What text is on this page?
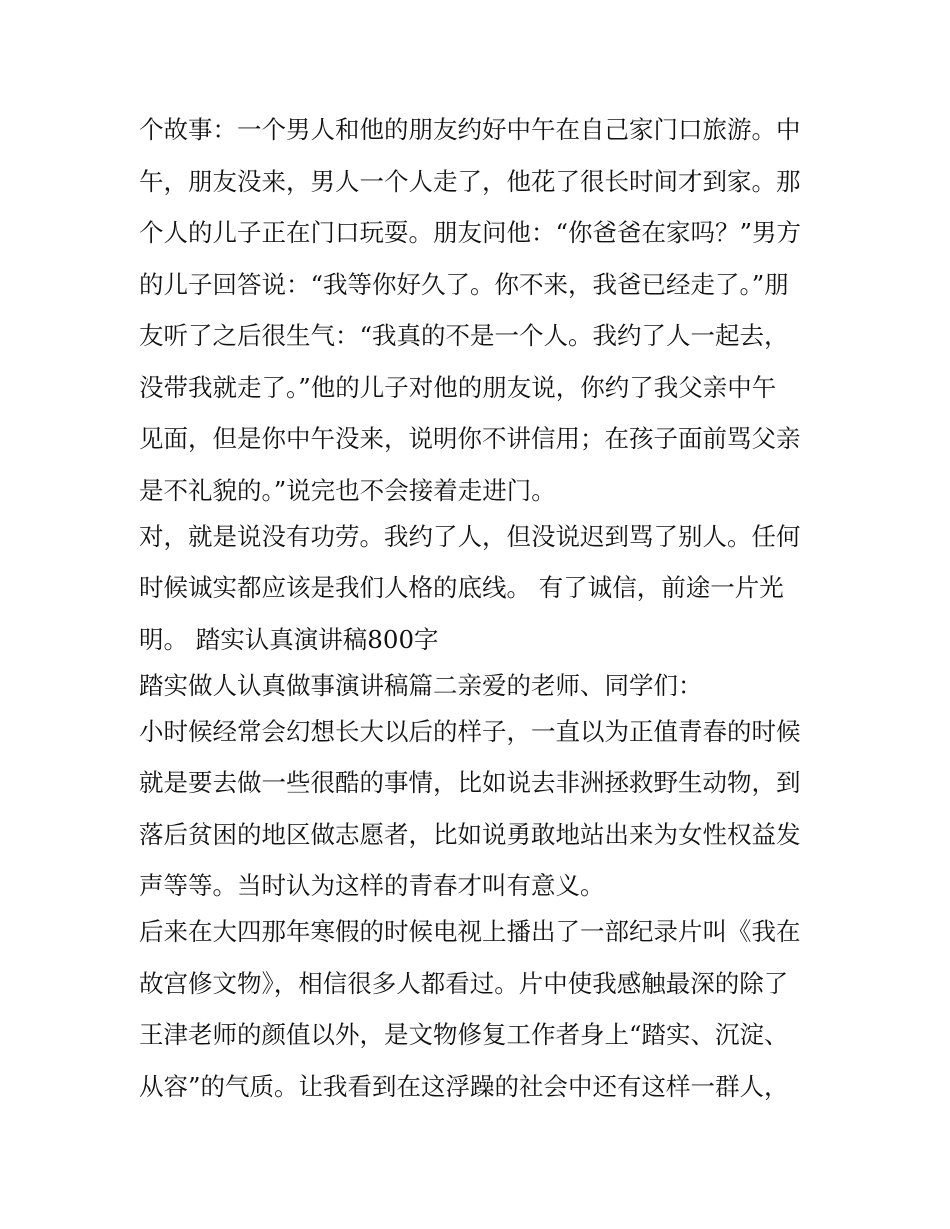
个故事：一个男人和他的朋友约好中午在自己家门口旅游。中
午，朋友没来，男人一个人走了，他花了很长时间才到家。那
个人的儿子正在门口玩耍。朋友问他：“你爸爸在家吗？”男方
的儿子回答说：“我等你好久了。你不来，我爸已经走了。”朋
友听了之后很生气：“我真的不是一个人。我约了人一起去，
没带我就走了。”他的儿子对他的朋友说，你约了我父亲中午
见面，但是你中午没来，说明你不讲信用；在孩子面前骂父亲
是不礼貌的。”说完也不会接着走进门。
对，就是说没有功劳。我约了人，但没说迟到骂了别人。任何
时候诚实都应该是我们人格的底线。 有了诚信，前途一片光
明。 踏实认真演讲稿800字
踏实做人认真做事演讲稿篇二亲爱的老师、同学们：
小时候经常会幻想长大以后的样子，一直以为正值青春的时候
就是要去做一些很酷的事情，比如说去非洲拯救野生动物，到
落后贫困的地区做志愿者，比如说勇敢地站出来为女性权益发
声等等。当时认为这样的青春才叫有意义。
后来在大四那年寒假的时候电视上播出了一部纪录片叫《我在
故宫修文物》，相信很多人都看过。片中使我感触最深的除了
王津老师的颜值以外，是文物修复工作者身上“踏实、沉淀、
从容”的气质。让我看到在这浮躁的社会中还有这样一群人，
